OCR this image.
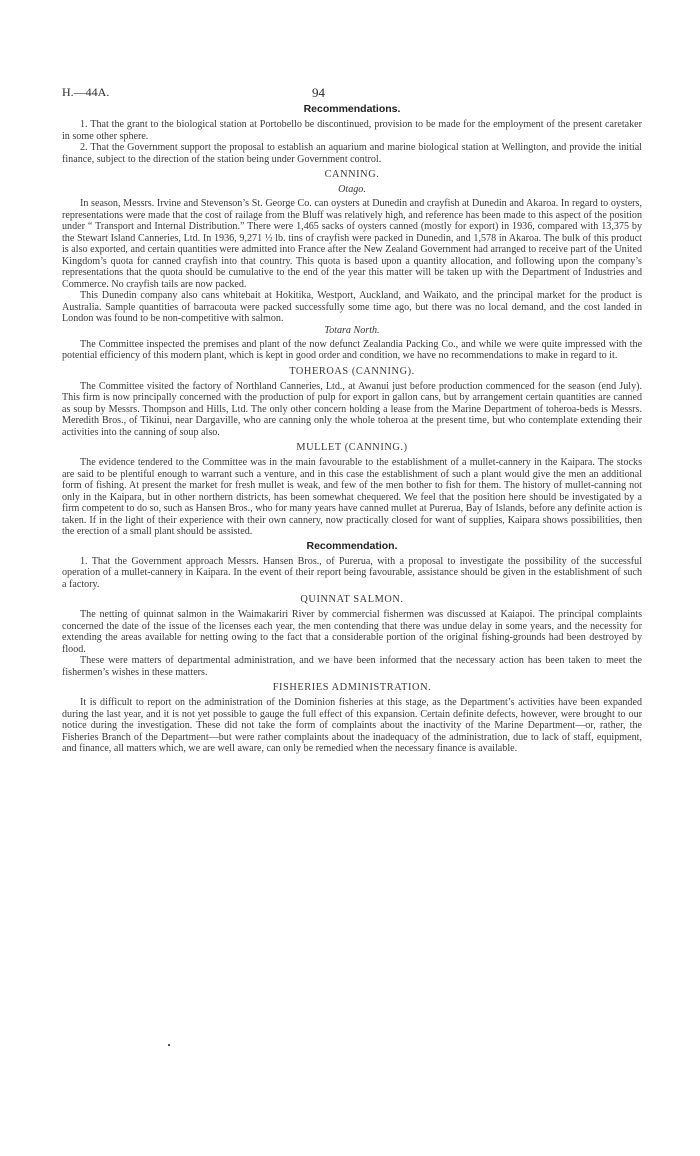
H.—44A.	94
Recommendations.

1. That the grant to the biological station at Portobello be discontinued, provision to be made for the employment of the present caretaker in some other sphere.

2. That the Government support the proposal to establish an aquarium and marine biological station at Wellington, and provide the initial finance, subject to the direction of the station being under Government control.

CANNING.
Otago.

In season, Messrs. Irvine and Stevenson’s St. George Co. can oysters at Dunedin and crayfish at Dunedin and Akaroa. In regard to oysters, representations were made that the cost of railage from the Bluff was relatively high, and reference has been made to this aspect of the position under “ Transport and Internal Distribution.” There were 1,465 sacks of oysters canned (mostly for export) in 1936, compared with 13,375 by the Stewart Island Canneries, Ltd. In 1936, 9,271 ½ lb. tins of crayfish were packed in Dunedin, and 1,578 in Akaroa. The bulk of this product is also exported, and certain quantities were admitted into France after the New Zealand Government had arranged to receive part of the United Kingdom’s quota for canned crayfish into that country. This quota is based upon a quantity allocation, and following upon the company’s representations that the quota should be cumulative to the end of the year this matter will be taken up with the Department of Industries and Commerce. No crayfish tails are now packed.

This Dunedin company also cans whitebait at Hokitika, Westport, Auckland, and Waikato, and the principal market for the product is Australia. Sample quantities of barracouta were packed successfully some time ago, but there was no local demand, and the cost landed in London was found to be non-competitive with salmon.

Totara North.

The Committee inspected the premises and plant of the now defunct Zealandia Packing Co., and while we were quite impressed with the potential efficiency of this modern plant, which is kept in good order and condition, we have no recommendations to make in regard to it.

TOHEROAS (CANNING).

The Committee visited the factory of Northland Canneries, Ltd., at Awanui just before production commenced for the season (end July). This firm is now principally concerned with the production of pulp for export in gallon cans, but by arrangement certain quantities are canned as soup by Messrs. Thompson and Hills, Ltd. The only other concern holding a lease from the Marine Department of toheroa-beds is Messrs. Meredith Bros., of Tikinui, near Dargaville, who are canning only the whole toheroa at the present time, but who contemplate extending their activities into the canning of soup also.

MULLET (CANNING.)

The evidence tendered to the Committee was in the main favourable to the establishment of a mullet-cannery in the Kaipara. The stocks are said to be plentiful enough to warrant such a venture, and in this case the establishment of such a plant would give the men an additional form of fishing. At present the market for fresh mullet is weak, and few of the men bother to fish for them. The history of mullet-canning not only in the Kaipara, but in other northern districts, has been somewhat chequered. We feel that the position here should be investigated by a firm competent to do so, such as Hansen Bros., who for many years have canned mullet at Purerua, Bay of Islands, before any definite action is taken. If in the light of their experience with their own cannery, now practically closed for want of supplies, Kaipara shows possibilities, then the erection of a small plant should be assisted.

Recommendation.

1. That the Government approach Messrs. Hansen Bros., of Purerua, with a proposal to investigate the possibility of the successful operation of a mullet-cannery in Kaipara. In the event of their report being favourable, assistance should be given in the establishment of such a factory.

QUINNAT SALMON.

The netting of quinnat salmon in the Waimakariri River by commercial fishermen was discussed at Kaiapoi. The principal complaints concerned the date of the issue of the licenses each year, the men contending that there was undue delay in some years, and the necessity for extending the areas available for netting owing to the fact that a considerable portion of the original fishing-grounds had been destroyed by flood.

These were matters of departmental administration, and we have been informed that the necessary action has been taken to meet the fishermen’s wishes in these matters.

FISHERIES ADMINISTRATION.

It is difficult to report on the administration of the Dominion fisheries at this stage, as the Department’s activities have been expanded during the last year, and it is not yet possible to gauge the full effect of this expansion. Certain definite defects, however, were brought to our notice during the investigation. These did not take the form of complaints about the inactivity of the Marine Department—or, rather, the Fisheries Branch of the Department—but were rather complaints about the inadequacy of the administration, due to lack of staff, equipment, and finance, all matters which, we are well aware, can only be remedied when the necessary finance is available.
